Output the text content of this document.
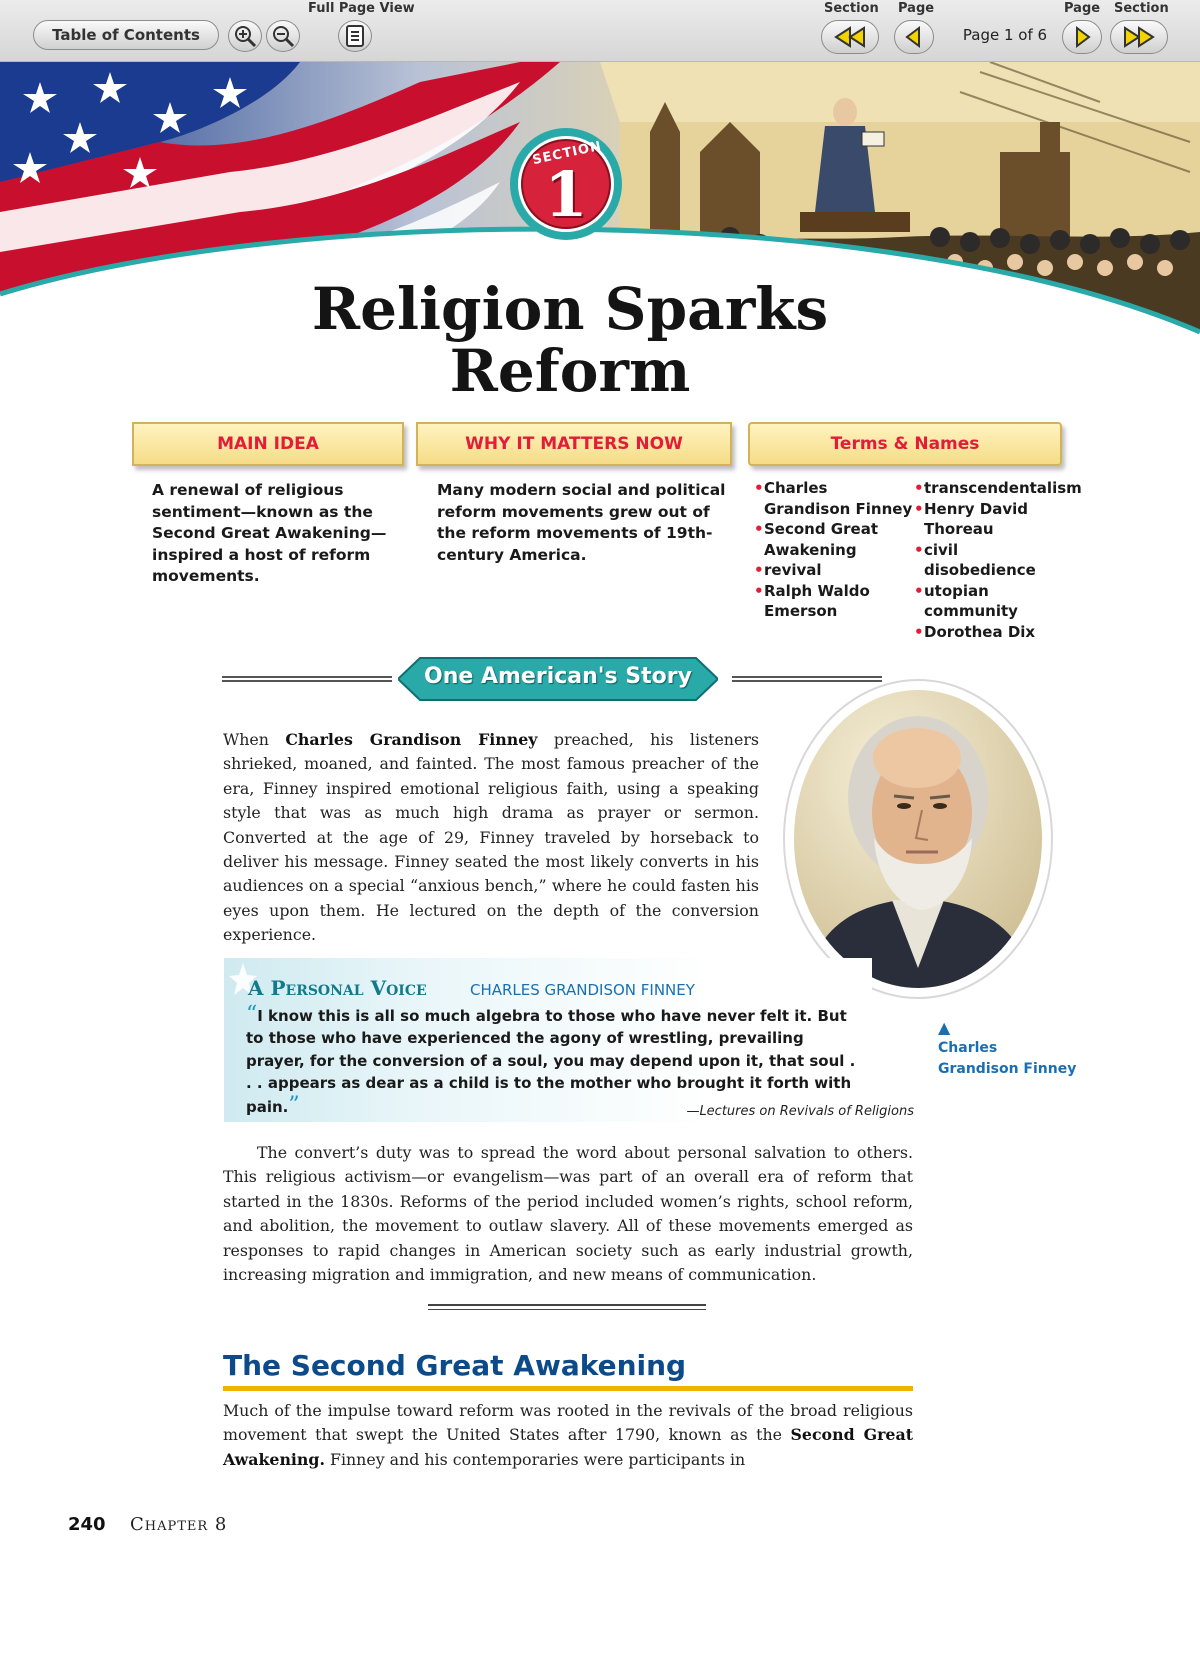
Table of Contents
Full Page View	Section Page	Page Section
Page 1 of 6
SECTION
1
Religion Sparks
Reform
MAIN IDEA	WHY IT MATTERS NOW	Terms & Names
A renewal of religious sentiment—known as the Second Great Awakening—inspired a host of reform movements.
Many modern social and political reform movements grew out of the reform movements of 19th-century America.
• Charles Grandison Finney
• Second Great Awakening
• revival
• Ralph Waldo Emerson
• transcendentalism
• Henry David Thoreau
• civil disobedience
• utopian community
• Dorothea Dix
One American's Story

When Charles Grandison Finney preached, his listeners shrieked, moaned, and fainted. The most famous preacher of the era, Finney inspired emotional religious faith, using a speaking style that was as much high drama as prayer or sermon. Converted at the age of 29, Finney traveled by horseback to deliver his message. Finney seated the most likely converts in his audiences on a special “anxious bench,” where he could fasten his eyes upon them. He lectured on the depth of the conversion experience.

▲
Charles Grandison Finney
A Personal Voice	CHARLES GRANDISON FINNEY
“I know this is all so much algebra to those who have never felt it. But to those who have experienced the agony of wrestling, prevailing prayer, for the conversion of a soul, you may depend upon it, that soul . . . appears as dear as a child is to the mother who brought it forth with pain.”	—Lectures on Revivals of Religions

The convert’s duty was to spread the word about personal salvation to others. This religious activism—or evangelism—was part of an overall era of reform that started in the 1830s. Reforms of the period included women’s rights, school reform, and abolition, the movement to outlaw slavery. All of these movements emerged as responses to rapid changes in American society such as early industrial growth, increasing migration and immigration, and new means of communication.

The Second Great Awakening

Much of the impulse toward reform was rooted in the revivals of the broad religious movement that swept the United States after 1790, known as the Second Great Awakening. Finney and his contemporaries were participants in

240 Chapter 8
